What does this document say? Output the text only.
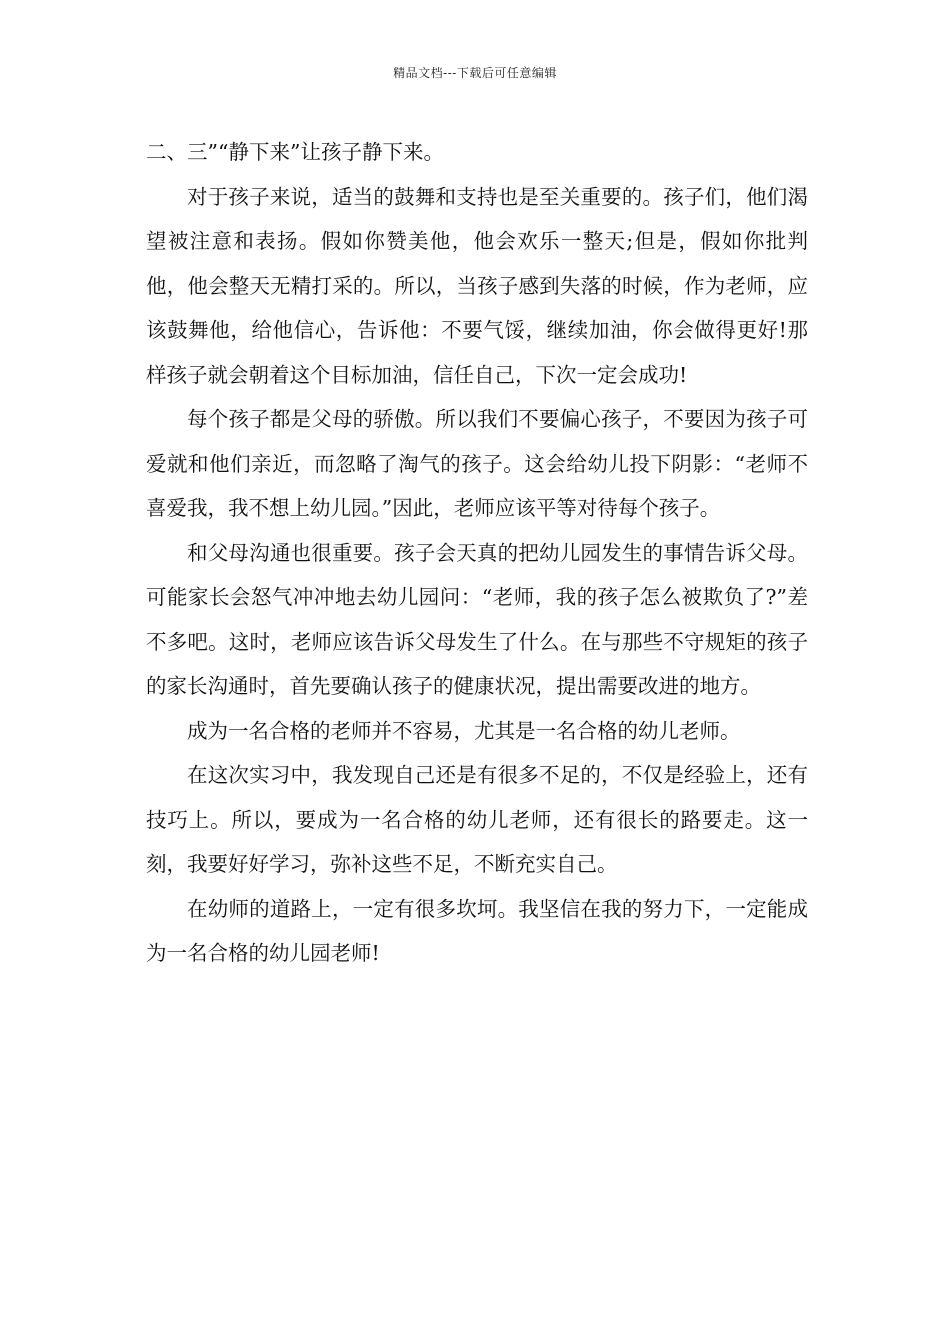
精品文档---下载后可任意编辑

二、三”“静下来”让孩子静下来。

对于孩子来说，适当的鼓舞和支持也是至关重要的。孩子们，他们渴望被注意和表扬。假如你赞美他，他会欢乐一整天;但是，假如你批判他，他会整天无精打采的。所以，当孩子感到失落的时候，作为老师，应该鼓舞他，给他信心，告诉他：不要气馁，继续加油，你会做得更好!那样孩子就会朝着这个目标加油，信任自己，下次一定会成功!

每个孩子都是父母的骄傲。所以我们不要偏心孩子，不要因为孩子可爱就和他们亲近，而忽略了淘气的孩子。这会给幼儿投下阴影：“老师不喜爱我，我不想上幼儿园。”因此，老师应该平等对待每个孩子。

和父母沟通也很重要。孩子会天真的把幼儿园发生的事情告诉父母。可能家长会怒气冲冲地去幼儿园问：“老师，我的孩子怎么被欺负了?”差不多吧。这时，老师应该告诉父母发生了什么。在与那些不守规矩的孩子的家长沟通时，首先要确认孩子的健康状况，提出需要改进的地方。

成为一名合格的老师并不容易，尤其是一名合格的幼儿老师。

在这次实习中，我发现自己还是有很多不足的，不仅是经验上，还有技巧上。所以，要成为一名合格的幼儿老师，还有很长的路要走。这一刻，我要好好学习，弥补这些不足，不断充实自己。

在幼师的道路上，一定有很多坎坷。我坚信在我的努力下，一定能成为一名合格的幼儿园老师!
